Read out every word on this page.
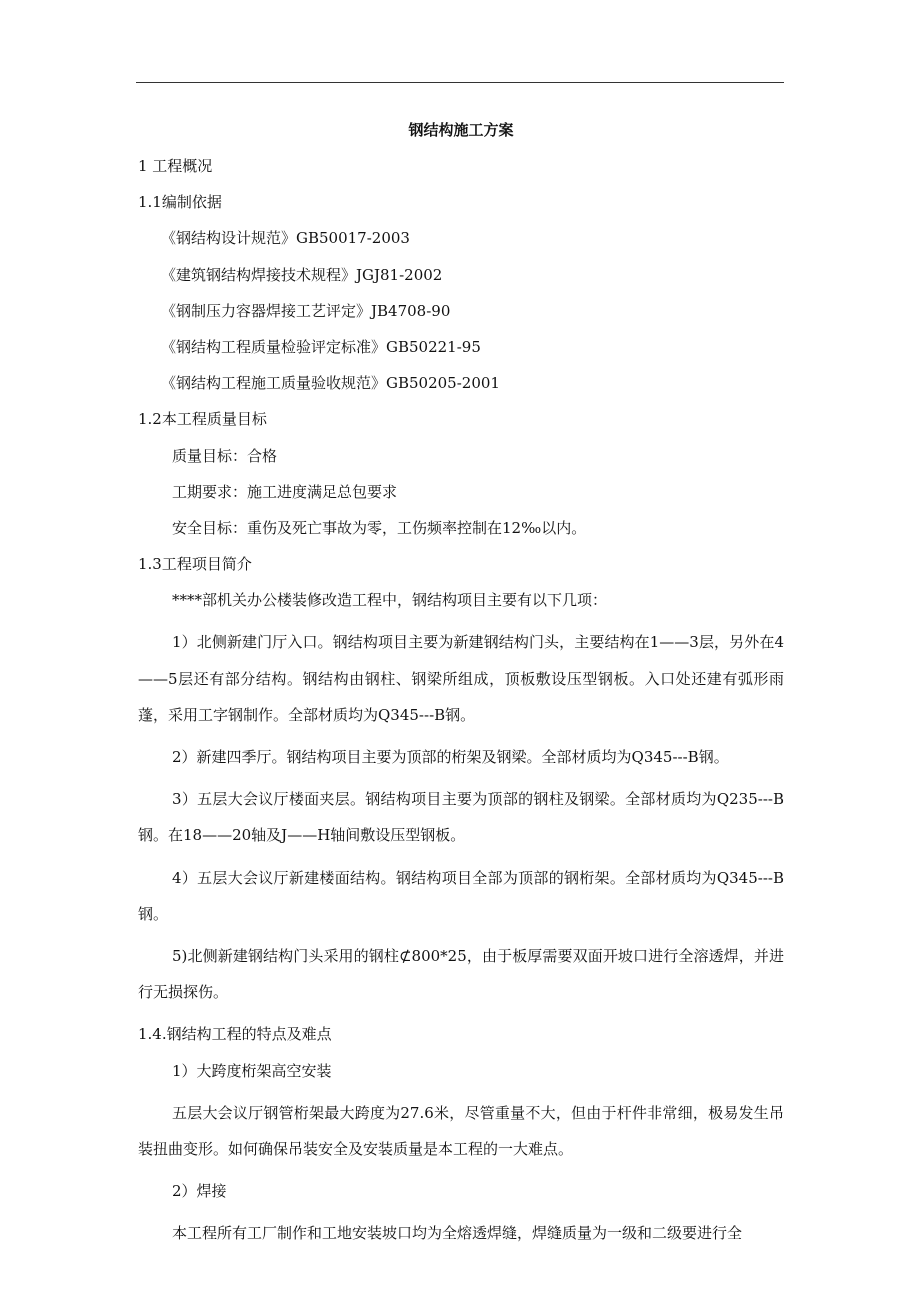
钢结构施工方案

1 工程概况

1.1编制依据

《钢结构设计规范》GB50017-2003

《建筑钢结构焊接技术规程》JGJ81-2002

《钢制压力容器焊接工艺评定》JB4708-90

《钢结构工程质量检验评定标准》GB50221-95

《钢结构工程施工质量验收规范》GB50205-2001

1.2本工程质量目标

质量目标：合格

工期要求：施工进度满足总包要求

安全目标：重伤及死亡事故为零，工伤频率控制在12‰以内。

1.3工程项目简介

****部机关办公楼装修改造工程中，钢结构项目主要有以下几项：

1）北侧新建门厅入口。钢结构项目主要为新建钢结构门头，主要结构在1——3层，另外在4——5层还有部分结构。钢结构由钢柱、钢梁所组成，顶板敷设压型钢板。入口处还建有弧形雨蓬，采用工字钢制作。全部材质均为Q345---B钢。

2）新建四季厅。钢结构项目主要为顶部的桁架及钢梁。全部材质均为Q345---B钢。

3）五层大会议厅楼面夹层。钢结构项目主要为顶部的钢柱及钢梁。全部材质均为Q235---B钢。在18——20轴及J——H轴间敷设压型钢板。

4）五层大会议厅新建楼面结构。钢结构项目全部为顶部的钢桁架。全部材质均为Q345---B钢。

5)北侧新建钢结构门头采用的钢柱⊄800*25，由于板厚需要双面开坡口进行全溶透焊，并进行无损探伤。

1.4.钢结构工程的特点及难点

1）大跨度桁架高空安装

五层大会议厅钢管桁架最大跨度为27.6米，尽管重量不大，但由于杆件非常细，极易发生吊装扭曲变形。如何确保吊装安全及安装质量是本工程的一大难点。

2）焊接

本工程所有工厂制作和工地安装坡口均为全熔透焊缝，焊缝质量为一级和二级要进行全
